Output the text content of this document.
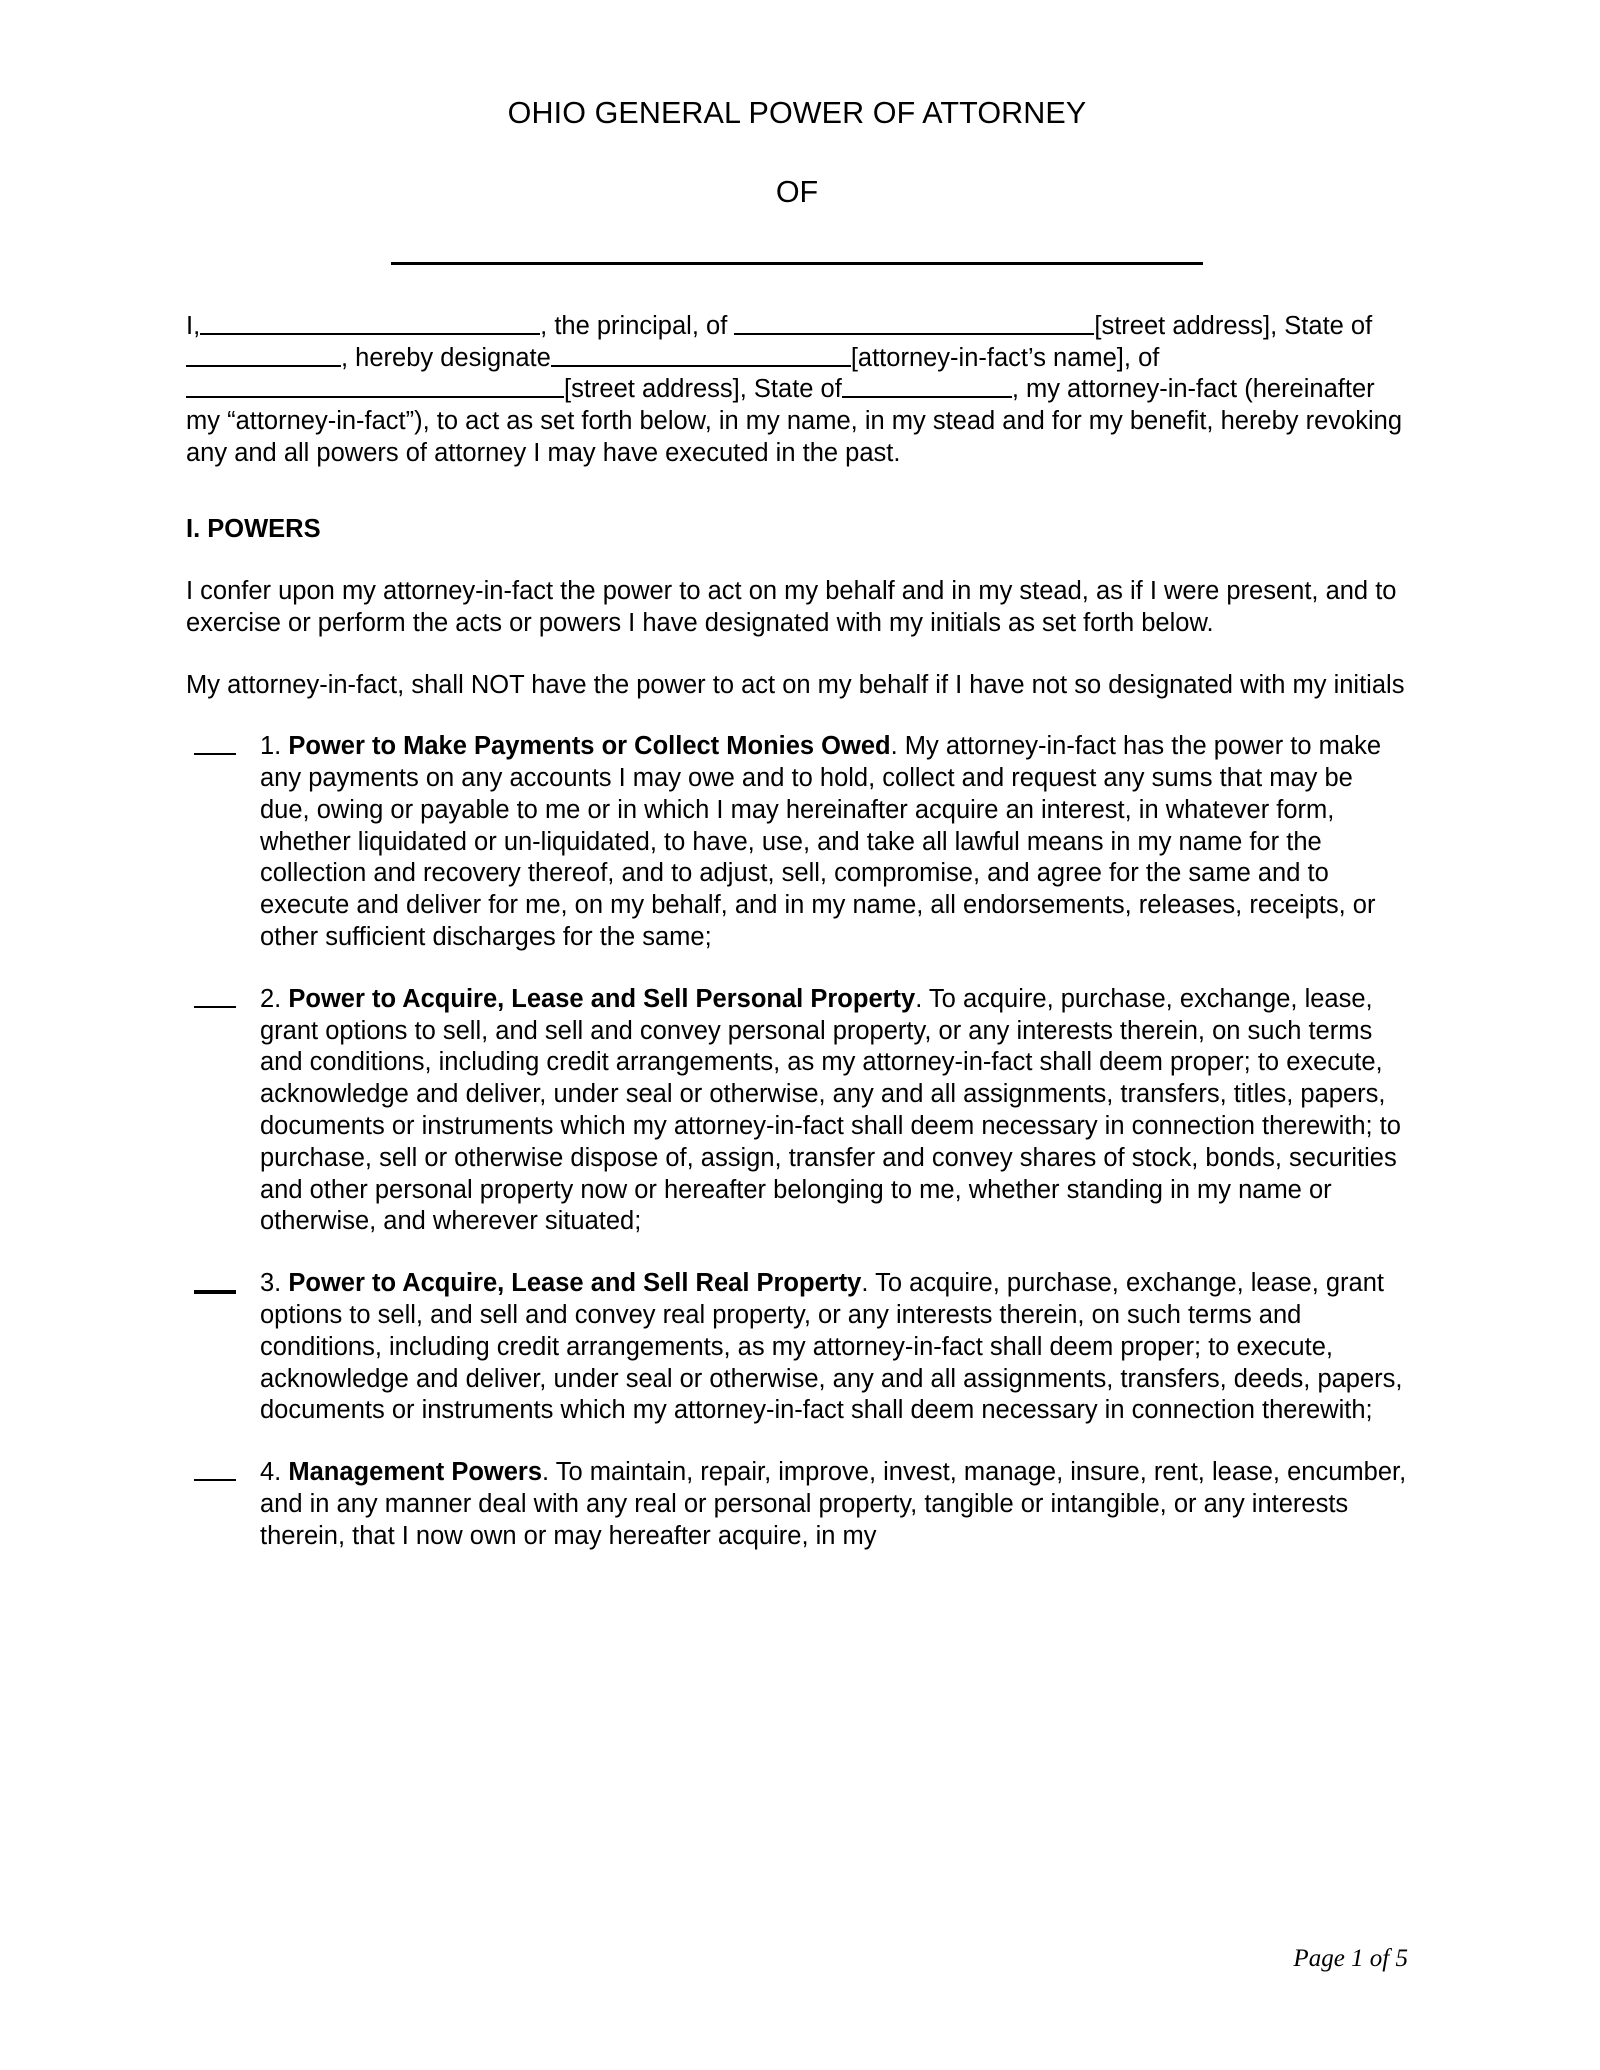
OHIO GENERAL POWER OF ATTORNEY
OF

I,	, the principal, of	[street address], State of, hereby designate	[attorney-in-fact’s name], of[street address], State of	, my attorney-in-fact (hereinafter my “attorney-in-fact”), to act as set forth below, in my name, in my stead and for my benefit, hereby revoking any and all powers of attorney I may have executed in the past.

I. POWERS

I confer upon my attorney-in-fact the power to act on my behalf and in my stead, as if I were present, and to exercise or perform the acts or powers I have designated with my initials as set forth below.

My attorney-in-fact, shall NOT have the power to act on my behalf if I have not so designated with my initials

1. Power to Make Payments or Collect Monies Owed. My attorney-in-fact has the power to make any payments on any accounts I may owe and to hold, collect and request any sums that may be due, owing or payable to me or in which I may hereinafter acquire an interest, in whatever form, whether liquidated or un-liquidated, to have, use, and take all lawful means in my name for the collection and recovery thereof, and to adjust, sell, compromise, and agree for the same and to execute and deliver for me, on my behalf, and in my name, all endorsements, releases, receipts, or other sufficient discharges for the same;
2. Power to Acquire, Lease and Sell Personal Property. To acquire, purchase, exchange, lease, grant options to sell, and sell and convey personal property, or any interests therein, on such terms and conditions, including credit arrangements, as my attorney-in-fact shall deem proper; to execute, acknowledge and deliver, under seal or otherwise, any and all assignments, transfers, titles, papers, documents or instruments which my attorney-in-fact shall deem necessary in connection therewith; to purchase, sell or otherwise dispose of, assign, transfer and convey shares of stock, bonds, securities and other personal property now or hereafter belonging to me, whether standing in my name or otherwise, and wherever situated;
3. Power to Acquire, Lease and Sell Real Property. To acquire, purchase, exchange, lease, grant options to sell, and sell and convey real property, or any interests therein, on such terms and conditions, including credit arrangements, as my attorney-in-fact shall deem proper; to execute, acknowledge and deliver, under seal or otherwise, any and all assignments, transfers, deeds, papers, documents or instruments which my attorney-in-fact shall deem necessary in connection therewith;
4. Management Powers. To maintain, repair, improve, invest, manage, insure, rent, lease, encumber, and in any manner deal with any real or personal property, tangible or intangible, or any interests therein, that I now own or may hereafter acquire, in my
Page 1 of 5
